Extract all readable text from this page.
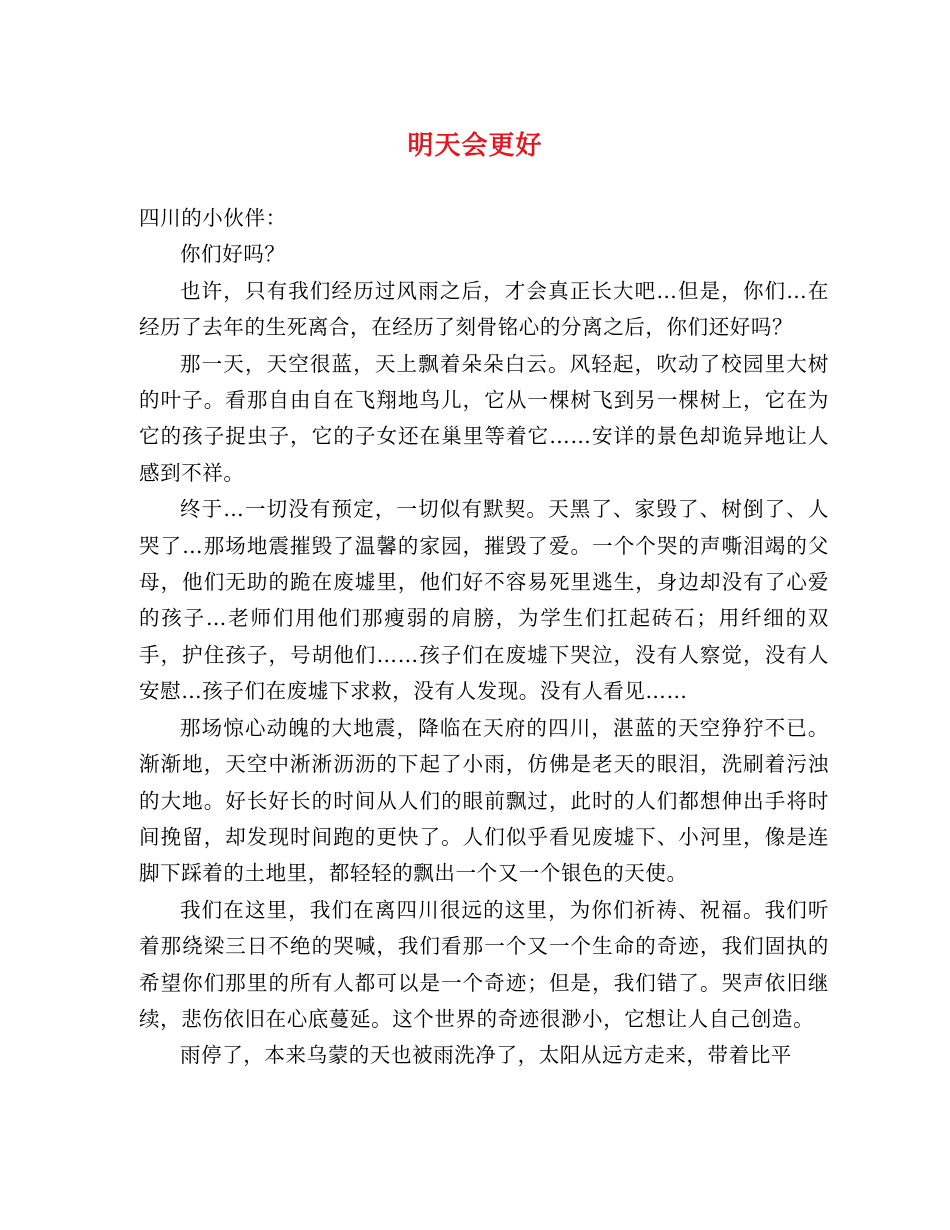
明天会更好

四川的小伙伴：

你们好吗？

也许，只有我们经历过风雨之后，才会真正长大吧…但是，你们…在经历了去年的生死离合，在经历了刻骨铭心的分离之后，你们还好吗？

那一天，天空很蓝，天上飘着朵朵白云。风轻起，吹动了校园里大树的叶子。看那自由自在飞翔地鸟儿，它从一棵树飞到另一棵树上，它在为它的孩子捉虫子，它的子女还在巢里等着它……安详的景色却诡异地让人感到不祥。

终于…一切没有预定，一切似有默契。天黑了、家毁了、树倒了、人哭了…那场地震摧毁了温馨的家园，摧毁了爱。一个个哭的声嘶泪竭的父母，他们无助的跪在废墟里，他们好不容易死里逃生，身边却没有了心爱的孩子…老师们用他们那瘦弱的肩膀，为学生们扛起砖石；用纤细的双手，护住孩子，号胡他们……孩子们在废墟下哭泣，没有人察觉，没有人安慰…孩子们在废墟下求救，没有人发现。没有人看见……

那场惊心动魄的大地震，降临在天府的四川，湛蓝的天空狰狞不已。渐渐地，天空中淅淅沥沥的下起了小雨，仿佛是老天的眼泪，洗刷着污浊的大地。好长好长的时间从人们的眼前飘过，此时的人们都想伸出手将时间挽留，却发现时间跑的更快了。人们似乎看见废墟下、小河里，像是连脚下踩着的土地里，都轻轻的飘出一个又一个银色的天使。

我们在这里，我们在离四川很远的这里，为你们祈祷、祝福。我们听着那绕梁三日不绝的哭喊，我们看那一个又一个生命的奇迹，我们固执的希望你们那里的所有人都可以是一个奇迹；但是，我们错了。哭声依旧继续，悲伤依旧在心底蔓延。这个世界的奇迹很渺小，它想让人自己创造。

雨停了，本来乌蒙的天也被雨洗净了，太阳从远方走来，带着比平
